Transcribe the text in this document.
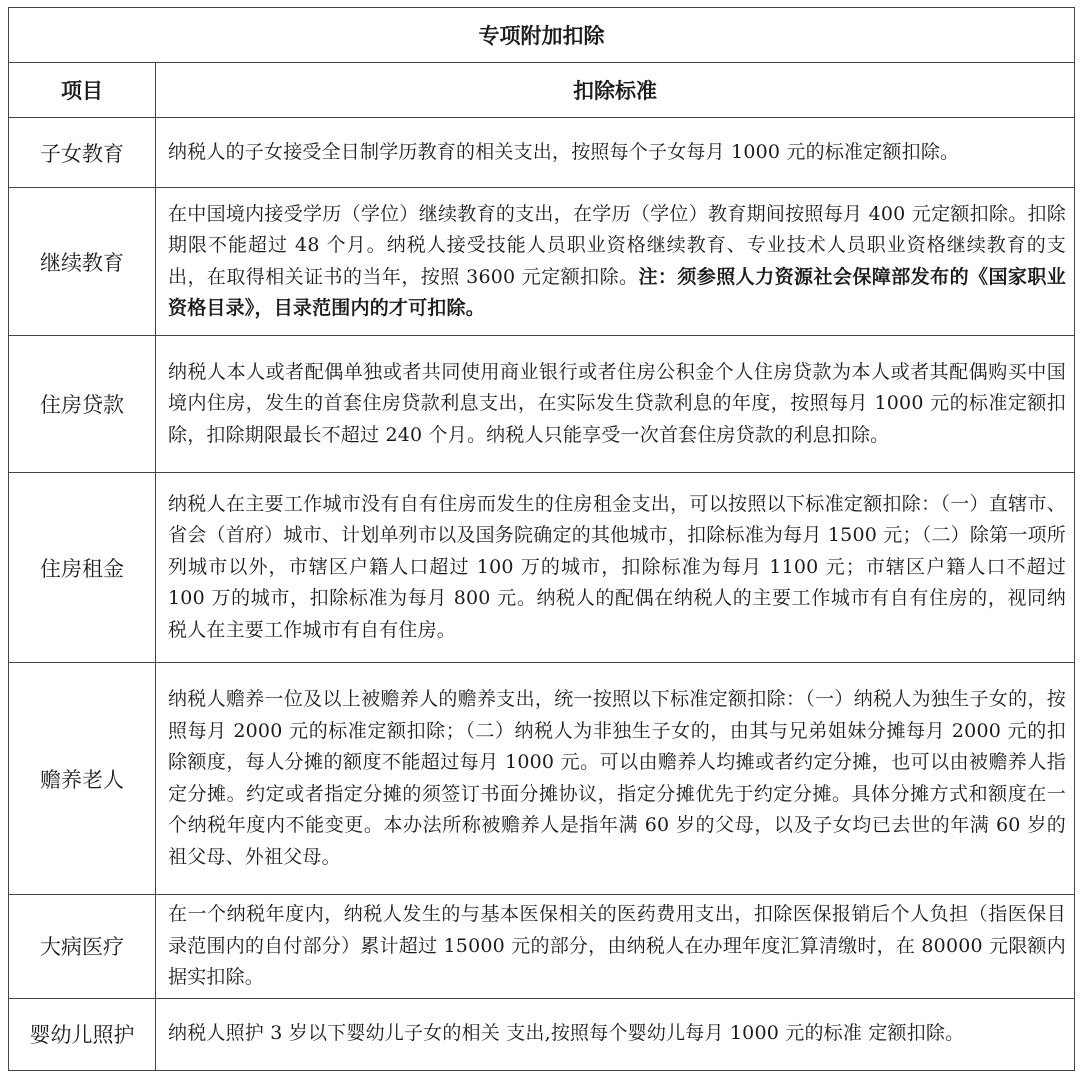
专项附加扣除	
项目	扣除标准
子女教育	纳税人的子女接受全日制学历教育的相关支出，按照每个子女每月 1000 元的标准定额扣除。
继续教育	在中国境内接受学历（学位）继续教育的支出，在学历（学位）教育期间按照每月 400 元定额扣除。扣除期限不能超过 48 个月。纳税人接受技能人员职业资格继续教育、专业技术人员职业资格继续教育的支出，在取得相关证书的当年，按照 3600 元定额扣除。注：须参照人力资源社会保障部发布的《国家职业资格目录》，目录范围内的才可扣除。
住房贷款	纳税人本人或者配偶单独或者共同使用商业银行或者住房公积金个人住房贷款为本人或者其配偶购买中国境内住房，发生的首套住房贷款利息支出，在实际发生贷款利息的年度，按照每月 1000 元的标准定额扣除，扣除期限最长不超过 240 个月。纳税人只能享受一次首套住房贷款的利息扣除。
住房租金	纳税人在主要工作城市没有自有住房而发生的住房租金支出，可以按照以下标准定额扣除：（一）直辖市、省会（首府）城市、计划单列市以及国务院确定的其他城市，扣除标准为每月 1500 元；（二）除第一项所列城市以外，市辖区户籍人口超过 100 万的城市，扣除标准为每月 1100 元；市辖区户籍人口不超过 100 万的城市，扣除标准为每月 800 元。纳税人的配偶在纳税人的主要工作城市有自有住房的，视同纳税人在主要工作城市有自有住房。
赡养老人	纳税人赡养一位及以上被赡养人的赡养支出，统一按照以下标准定额扣除：（一）纳税人为独生子女的，按照每月 2000 元的标准定额扣除；（二）纳税人为非独生子女的，由其与兄弟姐妹分摊每月 2000 元的扣除额度，每人分摊的额度不能超过每月 1000 元。可以由赡养人均摊或者约定分摊，也可以由被赡养人指定分摊。约定或者指定分摊的须签订书面分摊协议，指定分摊优先于约定分摊。具体分摊方式和额度在一个纳税年度内不能变更。本办法所称被赡养人是指年满 60 岁的父母，以及子女均已去世的年满 60 岁的祖父母、外祖父母。
大病医疗	在一个纳税年度内，纳税人发生的与基本医保相关的医药费用支出，扣除医保报销后个人负担（指医保目录范围内的自付部分）累计超过 15000 元的部分，由纳税人在办理年度汇算清缴时，在 80000 元限额内据实扣除。
婴幼儿照护	纳税人照护 3 岁以下婴幼儿子女的相关 支出,按照每个婴幼儿每月 1000 元的标准 定额扣除。
